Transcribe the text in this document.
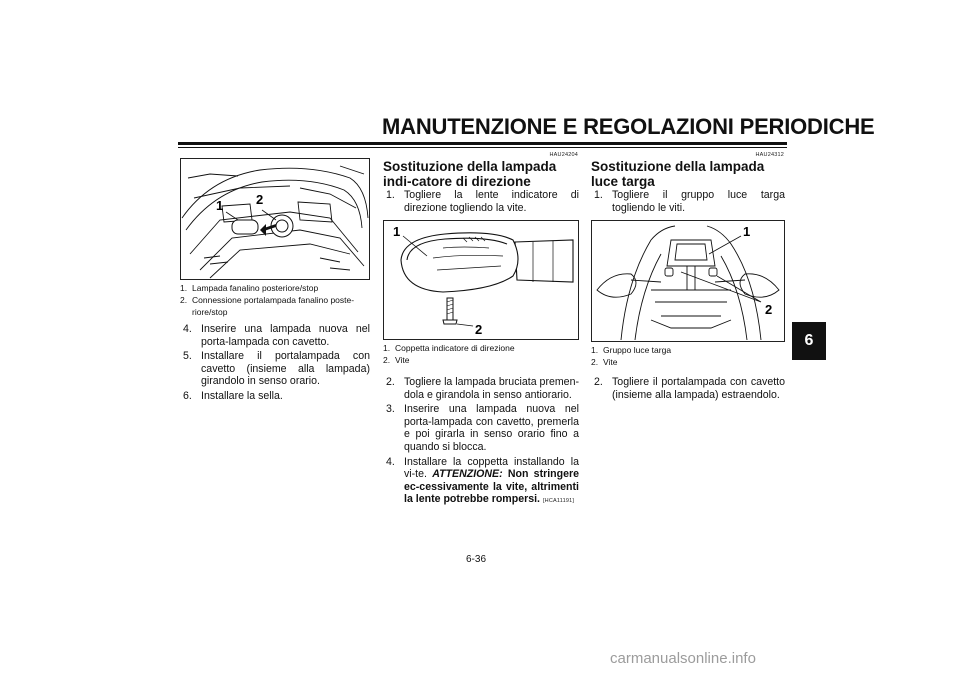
MANUTENZIONE E REGOLAZIONI PERIODICHE
6
1	2
1. Lampada fanalino posteriore/stop
2. Connessione portalampada fanalino poste-riore/stop
4. Inserire una lampada nuova nel porta-lampada con cavetto.
5. Installare il portalampada con cavetto (insieme alla lampada) girandolo in senso orario.
6. Installare la sella.
HAU24204
Sostituzione della lampada indi-catore di direzione
1. Togliere la lente indicatore di direzione togliendo la vite.
1
2
1. Coppetta indicatore di direzione
2. Vite
2. Togliere la lampada bruciata premen-dola e girandola in senso antiorario.
3. Inserire una lampada nuova nel porta-lampada con cavetto, premerla e poi girarla in senso orario fino a quando si blocca.
4. Installare la coppetta installando la vi-te. ATTENZIONE: Non stringere ec-cessivamente la vite, altrimenti la lente potrebbe rompersi. [HCA11191]
HAU24312
Sostituzione della lampada luce targa
1. Togliere il gruppo luce targa togliendo le viti.
1
2
1. Gruppo luce targa
2. Vite
2. Togliere il portalampada con cavetto (insieme alla lampada) estraendolo.
6-36
carmanualsonline.info
